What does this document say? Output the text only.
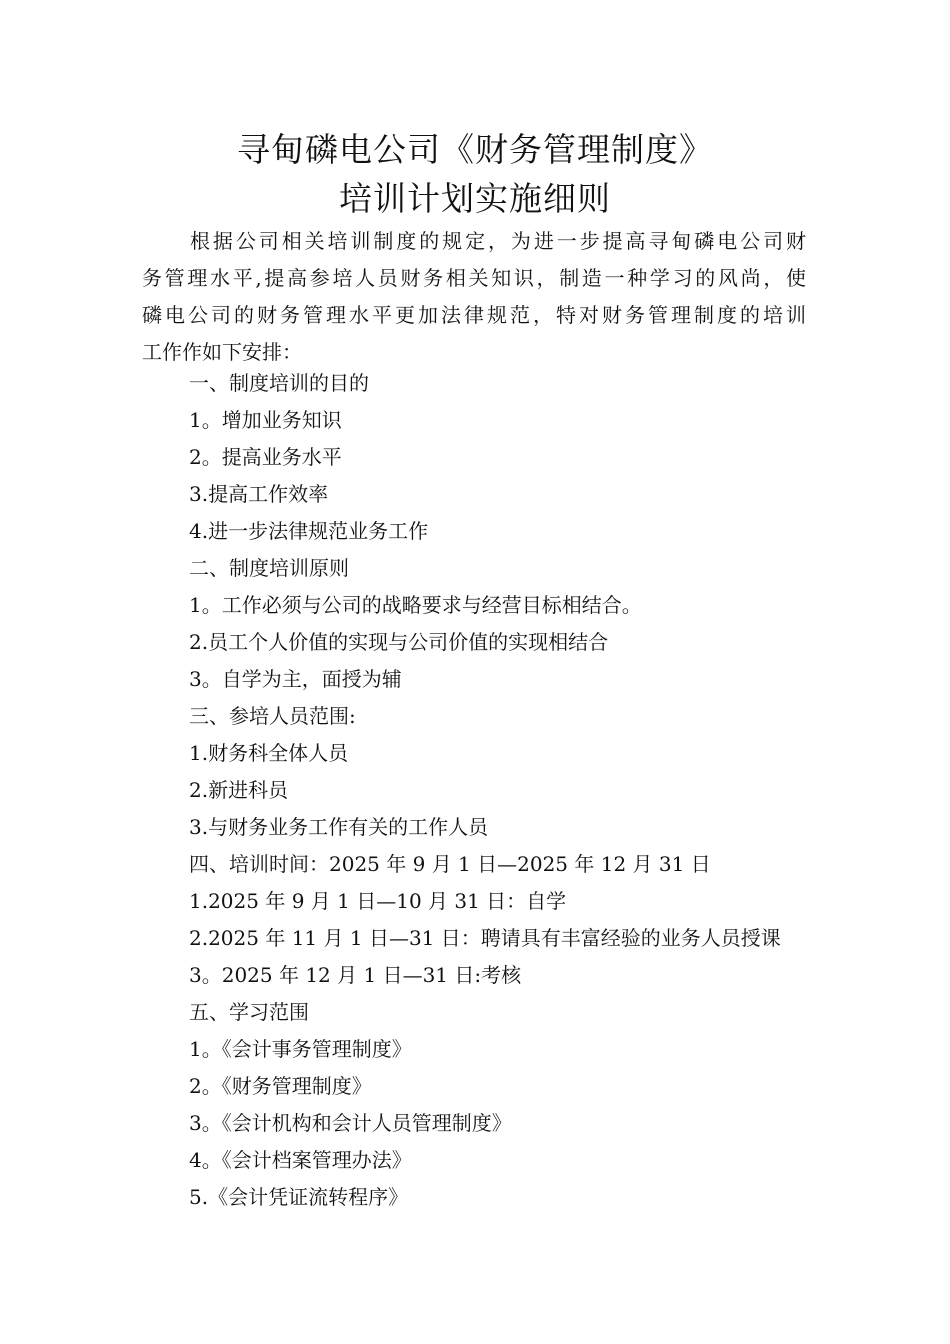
寻甸磷电公司《财务管理制度》
培训计划实施细则
根据公司相关培训制度的规定，为进一步提高寻甸磷电公司财
务管理水平,提高参培人员财务相关知识，制造一种学习的风尚，使
磷电公司的财务管理水平更加法律规范，特对财务管理制度的培训
工作作如下安排：
一、制度培训的目的
1。增加业务知识
2。提高业务水平
3.提高工作效率
4.进一步法律规范业务工作
二、制度培训原则
1。工作必须与公司的战略要求与经营目标相结合。
2.员工个人价值的实现与公司价值的实现相结合
3。自学为主，面授为辅
三、参培人员范围:
1.财务科全体人员
2.新进科员
3.与财务业务工作有关的工作人员
四、培训时间：2025 年 9 月 1 日—2025 年 12 月 31 日
1.2025 年 9 月 1 日—10 月 31 日：自学
2.2025 年 11 月 1 日—31 日：聘请具有丰富经验的业务人员授课
3。2025 年 12 月 1 日—31 日:考核
五、学习范围
1。《会计事务管理制度》
2。《财务管理制度》
3。《会计机构和会计人员管理制度》
4。《会计档案管理办法》
5.《会计凭证流转程序》
